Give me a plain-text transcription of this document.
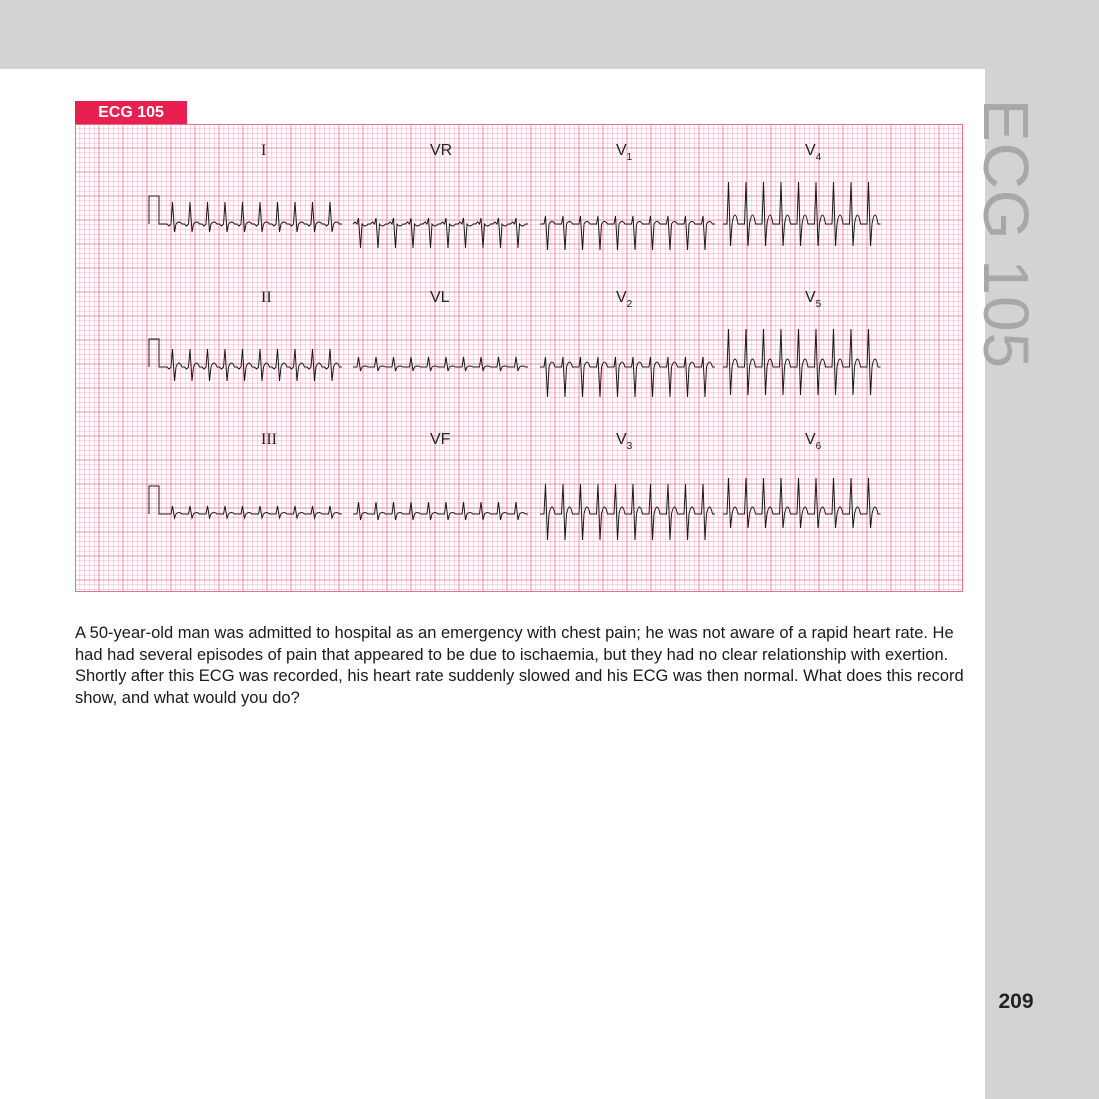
ECG 105
ECG 105
I	VR	$V_1$	$V_4$
II	VL	$V_2$	$V_5$
III	VF	$V_3$	$V_6$

A 50-year-old man was admitted to hospital as an emergency with chest pain; he was not aware of a rapid heart rate. He had had several episodes of pain that appeared to be due to ischaemia, but they had no clear relationship with exertion. Shortly after this ECG was recorded, his heart rate suddenly slowed and his ECG was then normal. What does this record show, and what would you do?

209
